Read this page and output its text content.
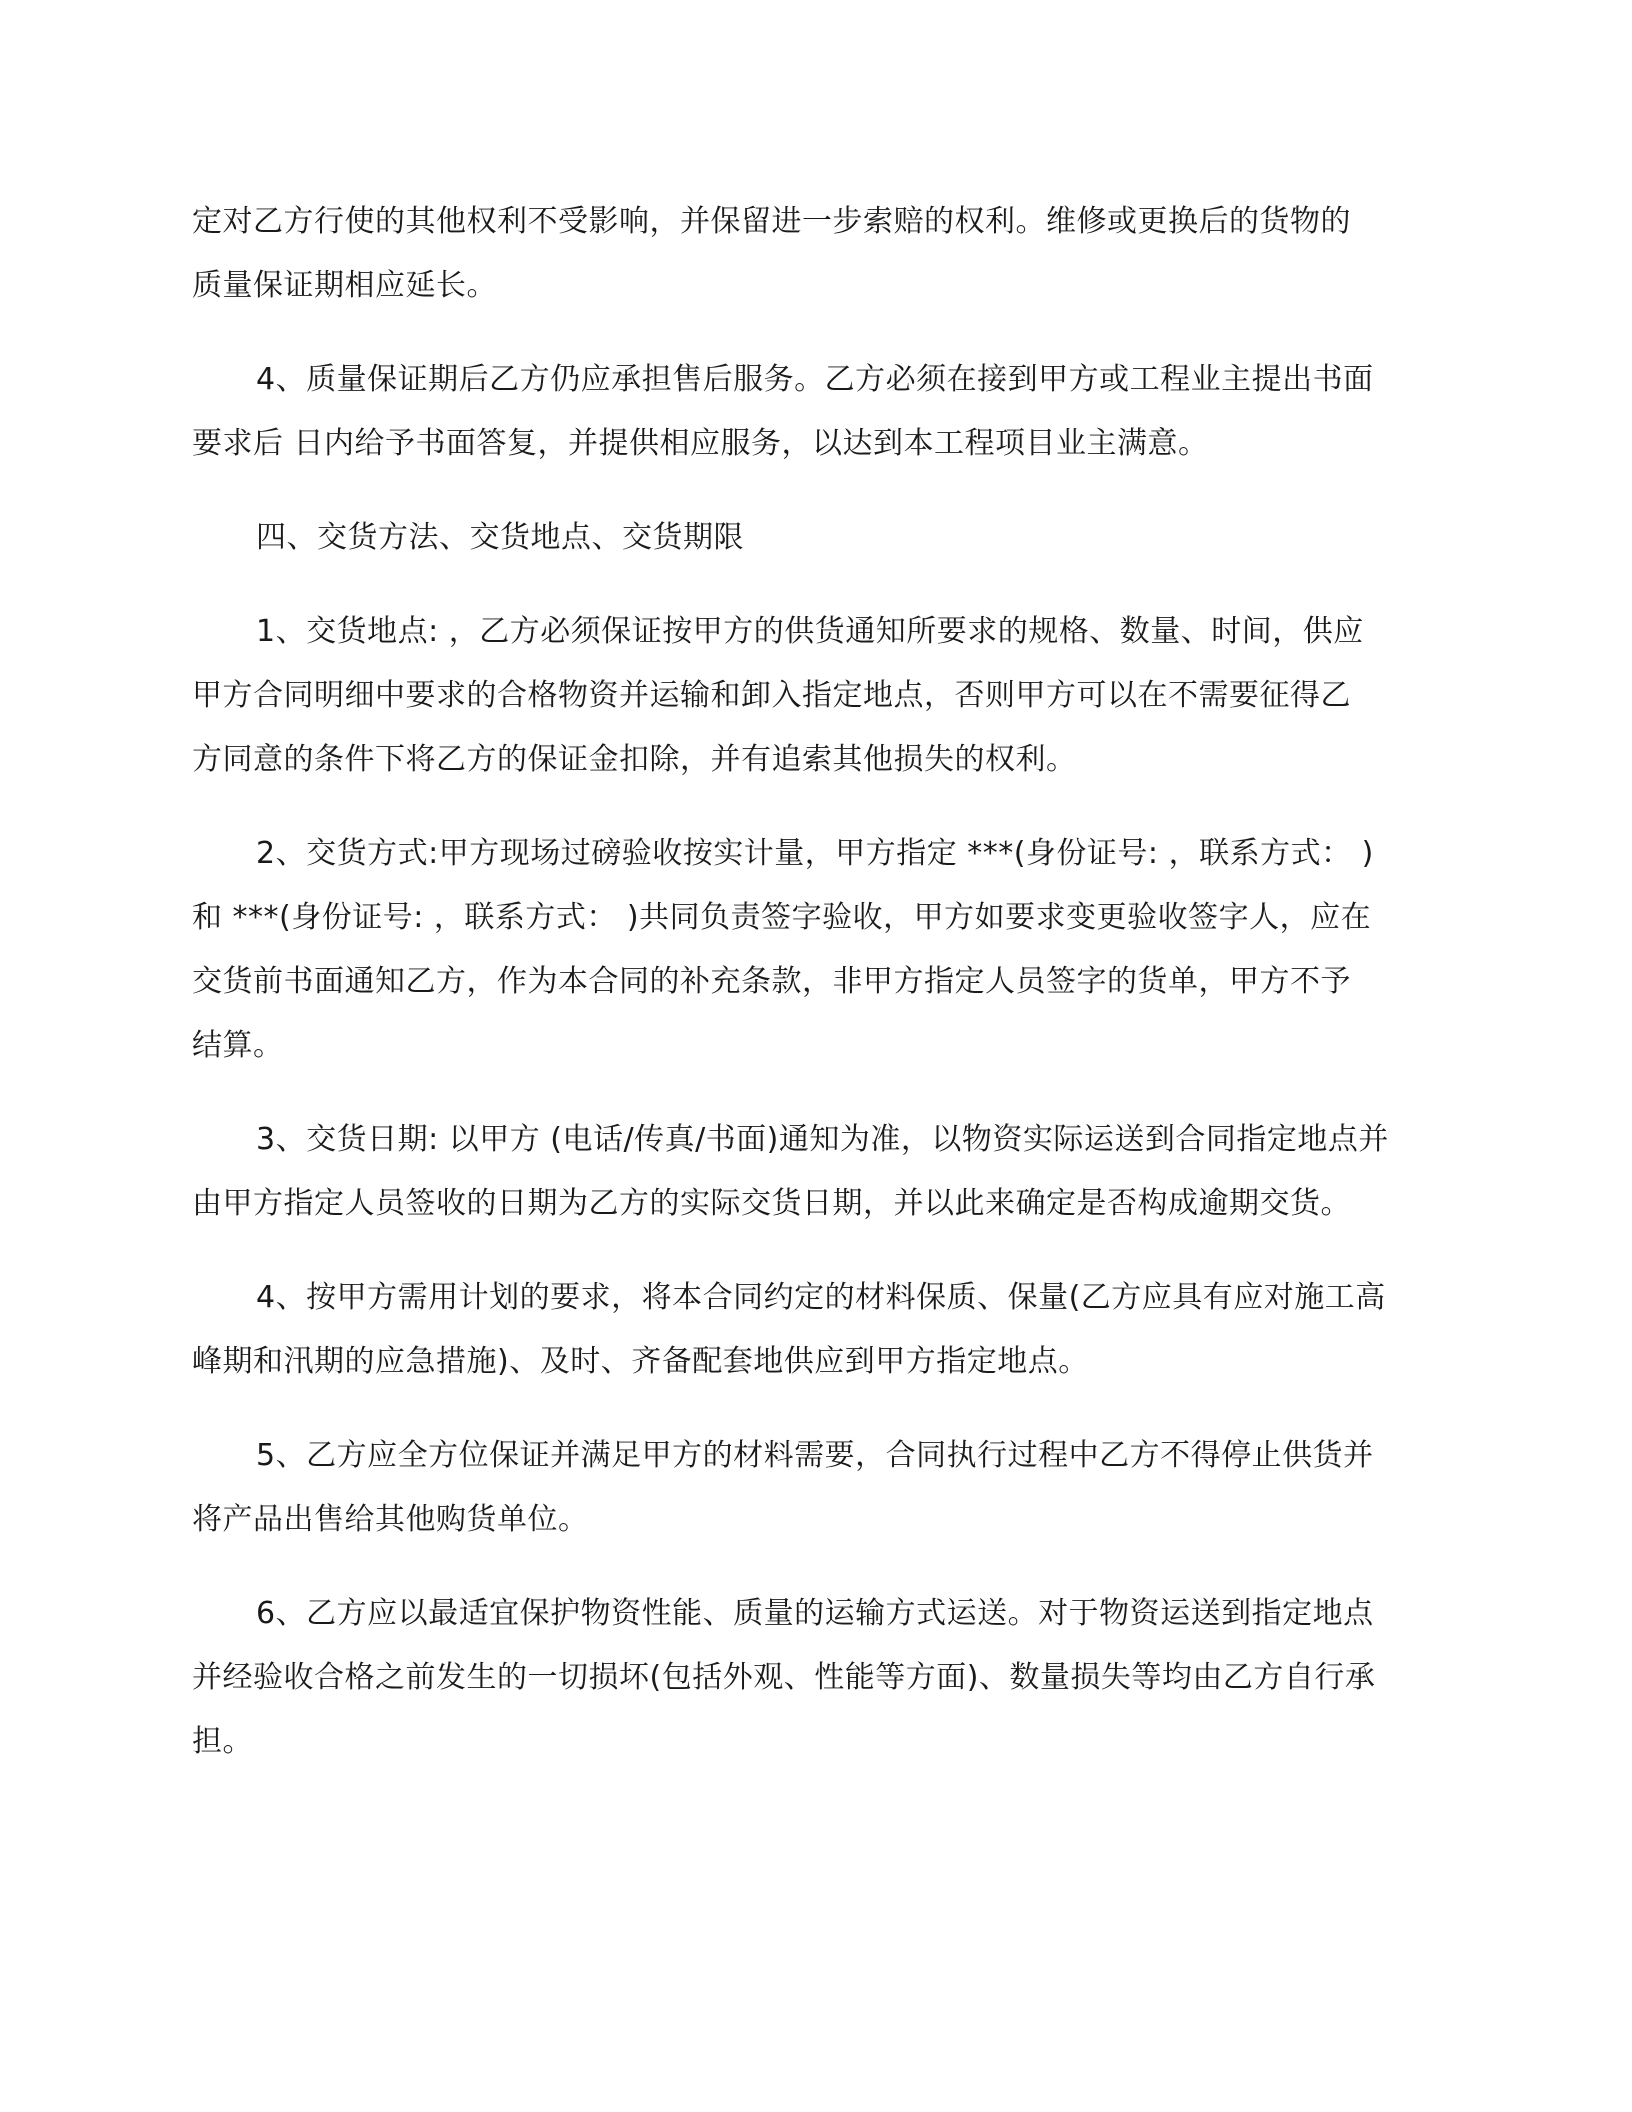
定对乙方行使的其他权利不受影响，并保留进一步索赔的权利。维修或更换后的货物的
质量保证期相应延长。

4、质量保证期后乙方仍应承担售后服务。乙方必须在接到甲方或工程业主提出书面
要求后 日内给予书面答复，并提供相应服务，以达到本工程项目业主满意。

四、交货方法、交货地点、交货期限

1、交货地点: ，乙方必须保证按甲方的供货通知所要求的规格、数量、时间，供应
甲方合同明细中要求的合格物资并运输和卸入指定地点，否则甲方可以在不需要征得乙
方同意的条件下将乙方的保证金扣除，并有追索其他损失的权利。

2、交货方式:甲方现场过磅验收按实计量，甲方指定 ***(身份证号: ，联系方式： )
和 ***(身份证号: ，联系方式： )共同负责签字验收，甲方如要求变更验收签字人，应在
交货前书面通知乙方，作为本合同的补充条款，非甲方指定人员签字的货单，甲方不予
结算。

3、交货日期: 以甲方 (电话/传真/书面)通知为准，以物资实际运送到合同指定地点并
由甲方指定人员签收的日期为乙方的实际交货日期，并以此来确定是否构成逾期交货。

4、按甲方需用计划的要求，将本合同约定的材料保质、保量(乙方应具有应对施工高
峰期和汛期的应急措施)、及时、齐备配套地供应到甲方指定地点。

5、乙方应全方位保证并满足甲方的材料需要，合同执行过程中乙方不得停止供货并
将产品出售给其他购货单位。

6、乙方应以最适宜保护物资性能、质量的运输方式运送。对于物资运送到指定地点
并经验收合格之前发生的一切损坏(包括外观、性能等方面)、数量损失等均由乙方自行承
担。
